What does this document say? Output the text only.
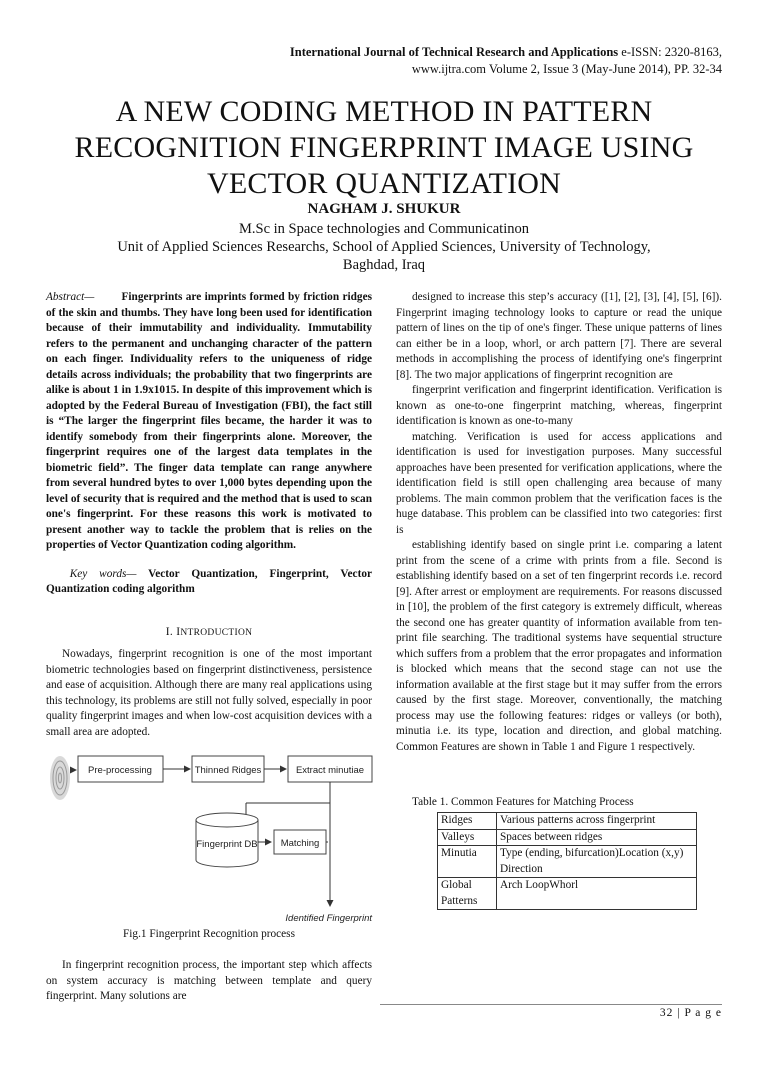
International Journal of Technical Research and Applications e-ISSN: 2320-8163,
www.ijtra.com Volume 2, Issue 3 (May-June 2014), PP. 32-34
A NEW CODING METHOD IN PATTERN RECOGNITION FINGERPRINT IMAGE USING VECTOR QUANTIZATION
NAGHAM J. SHUKUR
M.Sc in Space technologies and Communicatinon
Unit of Applied Sciences Researchs, School of Applied Sciences, University of Technology,
Baghdad, Iraq
Abstract— Fingerprints are imprints formed by friction ridges of the skin and thumbs. They have long been used for identification because of their immutability and individuality. Immutability refers to the permanent and unchanging character of the pattern on each finger. Individuality refers to the uniqueness of ridge details across individuals; the probability that two fingerprints are alike is about 1 in 1.9x1015. In despite of this improvement which is adopted by the Federal Bureau of Investigation (FBI), the fact still is “The larger the fingerprint files became, the harder it was to identify somebody from their fingerprints alone. Moreover, the fingerprint requires one of the largest data templates in the biometric field”. The finger data template can range anywhere from several hundred bytes to over 1,000 bytes depending upon the level of security that is required and the method that is used to scan one's fingerprint. For these reasons this work is motivated to present another way to tackle the problem that is relies on the properties of Vector Quantization coding algorithm.
Key words— Vector Quantization, Fingerprint, Vector Quantization coding algorithm
I. INTRODUCTION

Nowadays, fingerprint recognition is one of the most important biometric technologies based on fingerprint distinctiveness, persistence and ease of acquisition. Although there are many real applications using this technology, its problems are still not fully solved, especially in poor quality fingerprint images and when low-cost acquisition devices with a small area are adopted.

Pre-processing	Thinned Ridges	Extract minutiae
Fingerprint DB Matching
Identified Fingerprint
Fig.1 Fingerprint Recognition process

In fingerprint recognition process, the important step which affects on system accuracy is matching between template and query fingerprint. Many solutions are

designed to increase this step’s accuracy ([1], [2], [3], [4], [5], [6]). Fingerprint imaging technology looks to capture or read the unique pattern of lines on the tip of one's finger. These unique patterns of lines can either be in a loop, whorl, or arch pattern [7]. There are several methods in accomplishing the process of identifying one's fingerprint [8]. The two major applications of fingerprint recognition are

fingerprint verification and fingerprint identification. Verification is known as one-to-one fingerprint matching, whereas, fingerprint identification is known as one-to-many

matching. Verification is used for access applications and identification is used for investigation purposes. Many successful approaches have been presented for verification applications, where the identification field is still open challenging area because of many problems. The main common problem that the verification faces is the huge database. This problem can be classified into two categories: first is

establishing identify based on single print i.e. comparing a latent print from the scene of a crime with prints from a file. Second is establishing identify based on a set of ten fingerprint records i.e. record [9]. After arrest or employment are requirements. For reasons discussed in [10], the problem of the first category is extremely difficult, whereas the second one has greater quantity of information available from ten-print file searching. The traditional systems have sequential structure which suffers from a problem that the error propagates and information is blocked which means that the second stage can not use the information available at the first stage but it may suffer from the errors caused by the first stage. Moreover, conventionally, the matching process may use the following features: ridges or valleys (or both), minutia i.e. its type, location and direction, and global matching. Common Features are shown in Table 1 and Figure 1 respectively.

Table 1. Common Features for Matching Process
Ridges	Various patterns across fingerprint
Valleys	Spaces between ridges
Minutia	Type (ending, bifurcation)Location (x,y) Direction
Global Patterns	Arch LoopWhorl
32 | P a g e
